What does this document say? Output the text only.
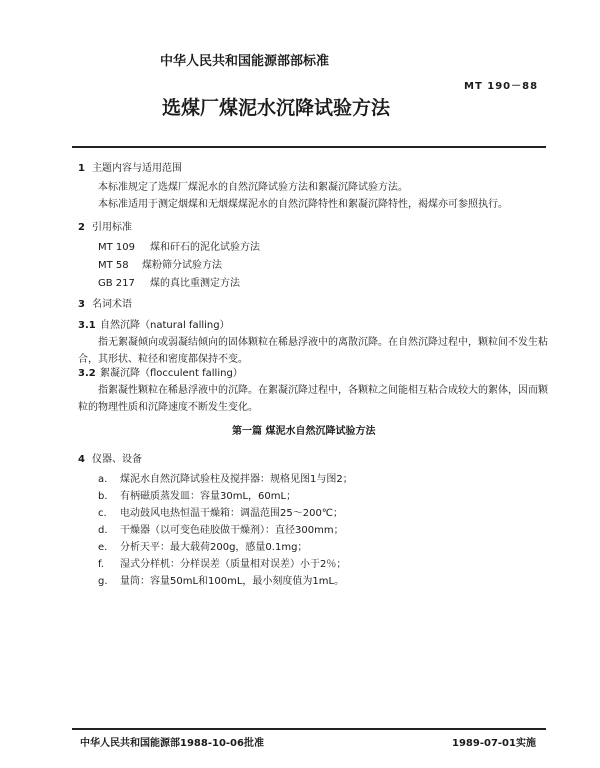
中华人民共和国能源部部标准
MT 190－88
选煤厂煤泥水沉降试验方法
1 主题内容与适用范围
本标准规定了选煤厂煤泥水的自然沉降试验方法和絮凝沉降试验方法。
本标准适用于测定烟煤和无烟煤煤泥水的自然沉降特性和絮凝沉降特性，褐煤亦可参照执行。
2 引用标准
MT 109 煤和矸石的泥化试验方法
MT 58 煤粉筛分试验方法
GB 217 煤的真比重测定方法
3 名词术语
3.1 自然沉降（natural falling）
指无絮凝倾向或弱凝结倾向的固体颗粒在稀悬浮液中的离散沉降。在自然沉降过程中，颗粒间不发生粘合，其形状、粒径和密度都保持不变。
3.2 絮凝沉降（flocculent falling）
指絮凝性颗粒在稀悬浮液中的沉降。在絮凝沉降过程中，各颗粒之间能相互粘合成较大的絮体，因而颗粒的物理性质和沉降速度不断发生变化。
第一篇 煤泥水自然沉降试验方法
4 仪器、设备
a. 煤泥水自然沉降试验柱及搅拌器：规格见图1与图2；
b. 有柄磁质蒸发皿：容量30mL，60mL；
c. 电动鼓风电热恒温干燥箱：调温范围25～200℃；
d. 干燥器（以可变色硅胶做干燥剂）：直径300mm；
e. 分析天平：最大载荷200g，感量0.1mg；
f. 湿式分样机：分样误差（质量相对误差）小于2％；
g. 量筒：容量50mL和100mL，最小刻度值为1mL。
中华人民共和国能源部1988-10-06批准	1989-07-01实施
